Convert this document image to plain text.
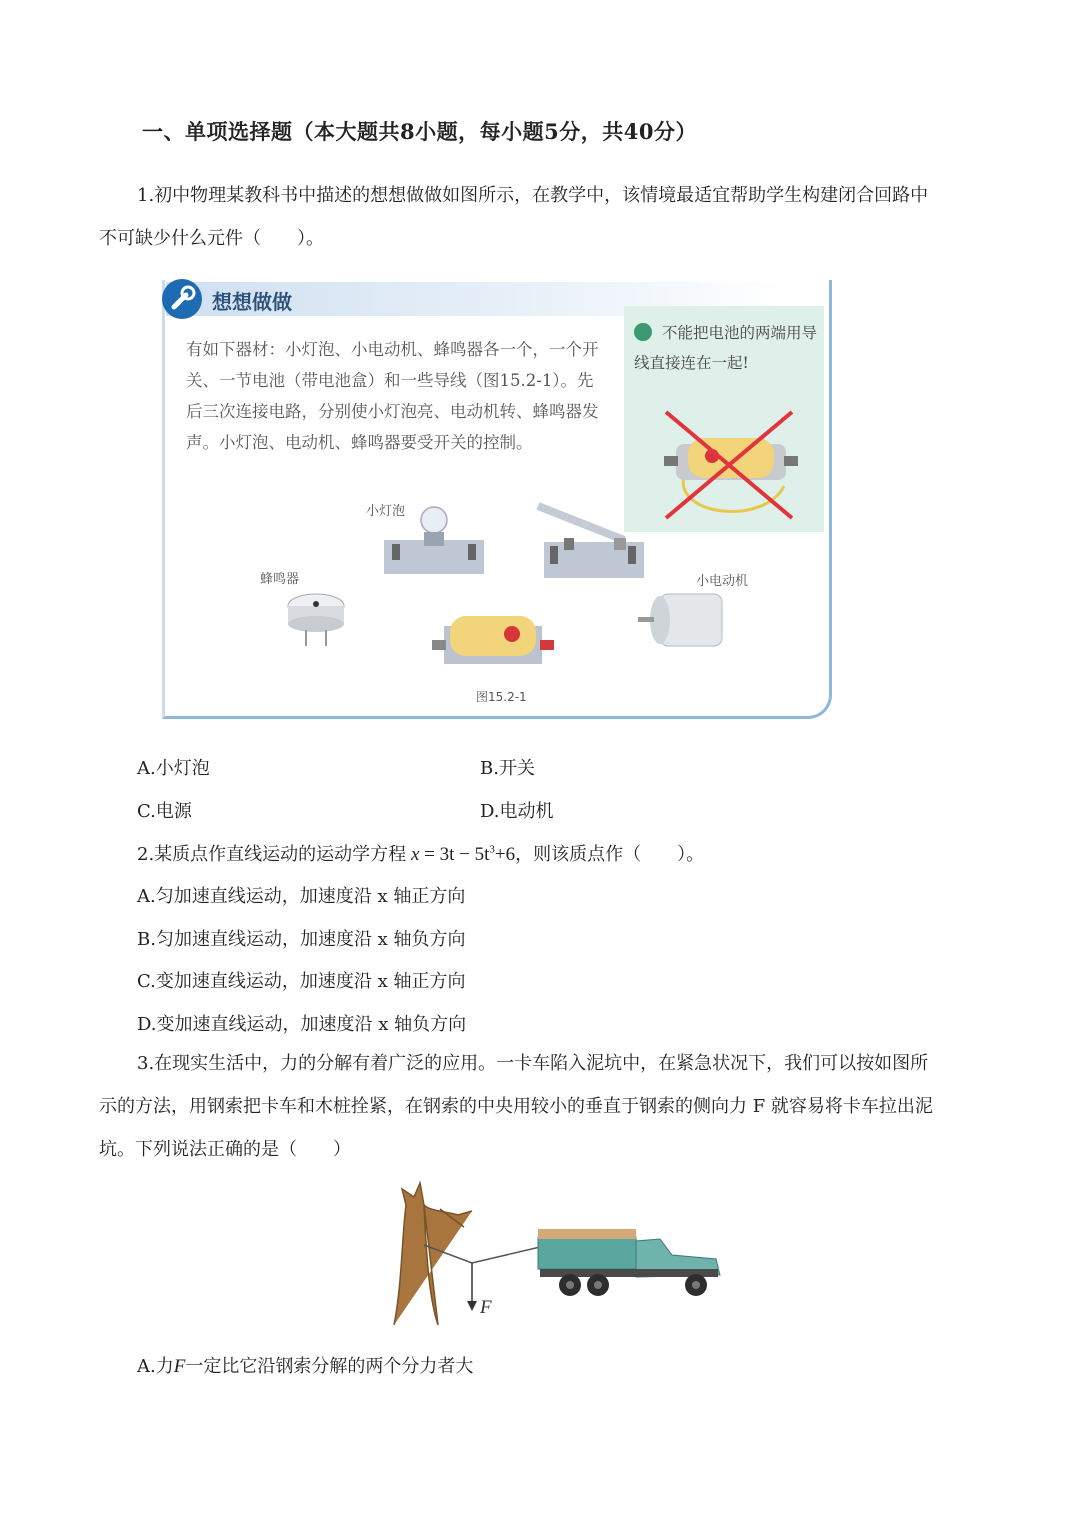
一、单项选择题（本大题共8小题，每小题5分，共40分）
1.初中物理某教科书中描述的想想做做如图所示，在教学中，该情境最适宜帮助学生构建闭合回路中
不可缺少什么元件（　　）。
想想做做
有如下器材：小灯泡、小电动机、蜂鸣器各一个，一个开关、一节电池（带电池盒）和一些导线（图15.2-1）。先后三次连接电路，分别使小灯泡亮、电动机转、蜂鸣器发声。小灯泡、电动机、蜂鸣器要受开关的控制。
不能把电池的两端用导线直接连在一起!
小灯泡
蜂鸣器	小电动机
图15.2-1
A.小灯泡	B.开关
C.电源	D.电动机
2.某质点作直线运动的运动学方程 $x = 3t - 5t^3+6$，则该质点作（　　）。
A.匀加速直线运动，加速度沿 x 轴正方向
B.匀加速直线运动，加速度沿 x 轴负方向
C.变加速直线运动，加速度沿 x 轴正方向
D.变加速直线运动，加速度沿 x 轴负方向
3.在现实生活中，力的分解有着广泛的应用。一卡车陷入泥坑中，在紧急状况下，我们可以按如图所
示的方法，用钢索把卡车和木桩拴紧，在钢索的中央用较小的垂直于钢索的侧向力 F 就容易将卡车拉出泥
坑。下列说法正确的是（　　）
F
A.力F一定比它沿钢索分解的两个分力者大
